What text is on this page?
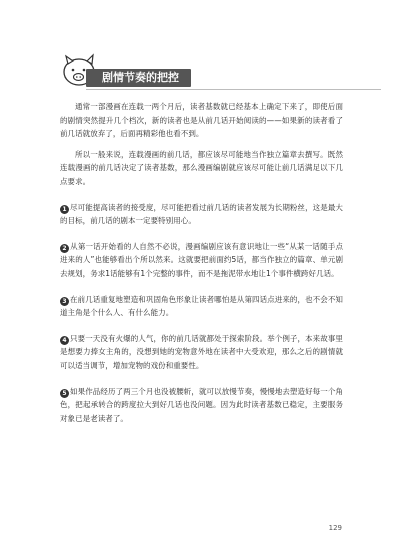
剧情节奏的把控

通常一部漫画在连载一两个月后，读者基数就已经基本上确定下来了，即使后面的剧情突然提升几个档次，新的读者也是从前几话开始阅读的——如果新的读者看了前几话就放弃了，后面再精彩他也看不到。

所以一般来说，连载漫画的前几话，都应该尽可能地当作独立篇章去撰写。既然连载漫画的前几话决定了读者基数，那么漫画编剧就应该尽可能让前几话满足以下几点要求。

1 尽可能提高读者的接受度，尽可能把看过前几话的读者发展为长期粉丝，这是最大的目标，前几话的剧本一定要特别用心。

2 从第一话开始看的人自然不必说，漫画编剧应该有意识地让一些“从某一话随手点进来的人”也能够看出个所以然来。这就要把前面约5话，都当作独立的篇章、单元剧去规划，务求1话能够有1个完整的事件，而不是拖泥带水地让1个事件横跨好几话。

3 在前几话重复地塑造和巩固角色形象让读者哪怕是从第四话点进来的，也不会不知道主角是个什么人、有什么能力。

4 只要一天没有火爆的人气，你的前几话就都处于探索阶段。举个例子，本来故事里是想要力捧女主角的，没想到她的宠物意外地在读者中大受欢迎，那么之后的剧情就可以适当调节，增加宠物的戏份和重要性。

5 如果作品经历了两三个月也没被腰斩，就可以放慢节奏，慢慢地去塑造好每一个角色，把起承转合的跨度拉大到好几话也没问题。因为此时读者基数已稳定，主要服务对象已是老读者了。

129
